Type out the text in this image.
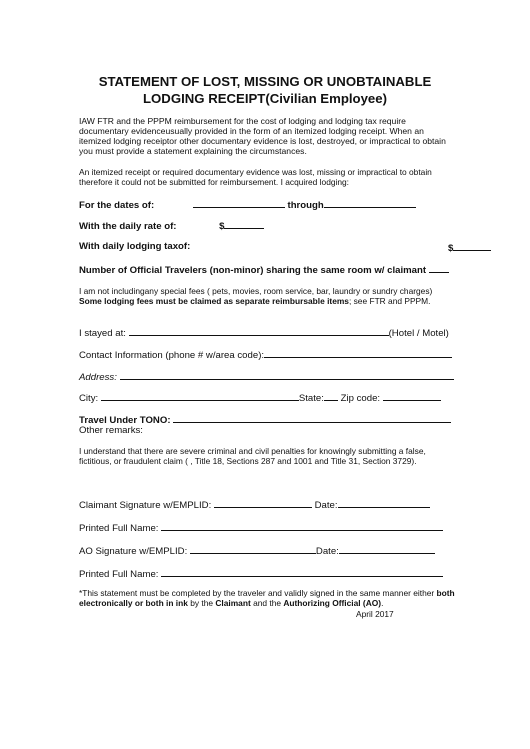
STATEMENT OF LOST, MISSING OR UNOBTAINABLE
LODGING RECEIPT(Civilian Employee)
IAW FTR and the PPPM reimbursement for the cost of lodging and lodging tax require documentary evidenceusually provided in the form of an itemized lodging receipt. When an itemized lodging receiptor other documentary evidence is lost, destroyed, or impractical to obtain you must provide a statement explaining the circumstances.
An itemized receipt or required documentary evidence was lost, missing or impractical to obtain therefore it could not be submitted for reimbursement. I acquired lodging:
For the dates of:	through
With the daily rate of:	$
With daily lodging taxof:	$
Number of Official Travelers (non-minor) sharing the same room w/ claimant
I am not includingany special fees ( pets, movies, room service, bar, laundry or sundry charges) Some lodging fees must be claimed as separate reimbursable items; see FTR and PPPM.
I stayed at:	(Hotel / Motel)
Contact Information (phone # w/area code):
Address:
City:	State: Zip code:
Travel Under TONO:
Other remarks:
I understand that there are severe criminal and civil penalties for knowingly submitting a false, fictitious, or fraudulent claim ( , Title 18, Sections 287 and 1001 and Title 31, Section 3729).
Claimant Signature w/EMPLID:	Date:
Printed Full Name:
AO Signature w/EMPLID:	Date:
Printed Full Name:
*This statement must be completed by the traveler and validly signed in the same manner either both electronically or both in ink by the Claimant and the Authorizing Official (AO).
April 2017
